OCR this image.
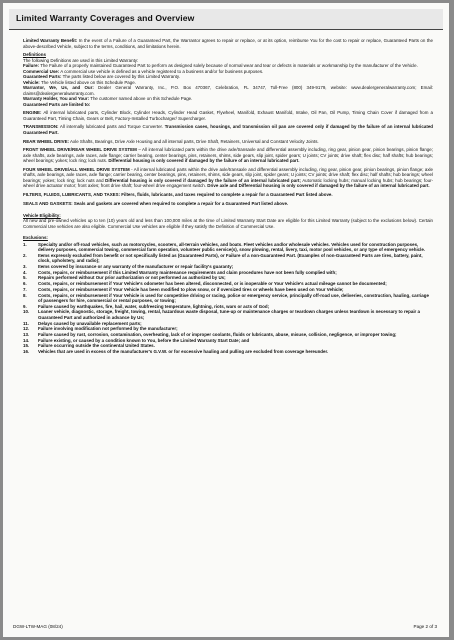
Limited Warranty Coverages and Overview

Limited Warranty Benefit: In the event of a Failure of a Guaranteed Part, the Warrantor agrees to repair or replace, or at its option, reimburse You for the cost to repair or replace, Guaranteed Parts on the above-described Vehicle, subject to the terms, conditions, and limitations herein.

Definitions

The following Definitions are used in this Limited Warranty:

Failure: The Failure of a properly maintained Guaranteed Part to perform as designed solely because of normal wear and tear or defects in materials or workmanship by the manufacturer of the Vehicle.

Commercial Use: A commercial use vehicle is defined as a vehicle registered to a business and/or for business purposes.

Guaranteed Parts: The parts listed below are covered by this Limited Warranty.

Vehicle: The Vehicle listed above on this Schedule Page.

Warrantor, We, Us, and Our: Dealer General Warranty, Inc., P.O. Box 470367, Celebration, FL 34747, Toll-Free (800) 349-9179, website: www.dealergeneralwarranty.com; Email: claims@dealergeneralwarranty.com.

Warranty Holder, You and Your: The customer named above on this Schedule Page.

Guaranteed Parts are limited to:

ENGINE: All internal lubricated parts, Cylinder Block, Cylinder Heads, Cylinder Head Gasket, Flywheel, Manifold, Exhaust Manifold, Intake, Oil Pan, Oil Pump, Timing Chain Cover if damaged from a Guaranteed Part, Timing Chain, Gears or Belt, Factory-Installed Turbocharger/ Supercharger.

TRANSMISSION: All internally lubricated parts and Torque Converter. Transmission cases, housings, and transmission oil pan are covered only if damaged by the failure of an internal lubricated Guaranteed Part.

REAR WHEEL DRIVE: Axle Shafts, Bearings, Drive Axle Housing and all internal parts, Drive Shaft, Retainers, Universal and Constant Velocity Joints.

FRONT WHEEL DRIVE/REAR WHEEL DRIVE SYSTEM – All internal lubricated parts within the drive axle/transaxle and differential assembly including, ring gear, pinion gear, pinion bearings, pinion flange; axle shafts, axle bearings, axle races, axle flange; carrier bearing, center bearings, pins, retainers, shims, side gears, slip joint, spider gears; U joints; CV joints; drive shaft; flex disc; half shafts; hub bearings; wheel bearings; yokes; lock ring; lock nuts. Differential housing is only covered if damaged by the failure of an internal lubricated part.

FOUR WHEEL DRIVE/ALL WHEEL DRIVE SYSTEM - All internal lubricated parts within the drive axle/transaxle and differential assembly including, ring gear, pinion gear, pinion bearings, pinion flange; axle shafts, axle bearings, axle races, axle flange; carrier bearing, center bearings, pins, retainers, shims, side gears, slip joint, spider gears; U joints; CV joints; drive shaft; flex disc; half shafts; hub bearings; wheel bearings; yokes; lock ring; lock nuts and Differential housing is only covered if damaged by the failure of an internal lubricated part; Automatic locking hubs; manual locking hubs; hub bearings; four-wheel drive actuator motor; front axles; front drive shaft; four-wheel drive engagement switch. Drive axle and Differential housing is only covered if damaged by the failure of an internal lubricated part.

FILTERS, FLUIDS, LUBRICANTS, AND TAXES: Filters, fluids, lubricants, and taxes required to complete a repair for a Guaranteed Part listed above.

SEALS AND GASKETS: Seals and gaskets are covered when required to complete a repair for a Guaranteed Part listed above.

Vehicle Eligibility:

All new and pre-owned vehicles up to ten (10) years old and less than 100,000 miles at the time of Limited Warranty Start Date are eligible for this Limited Warranty (subject to the exclusions below). Certain Commercial Use vehicles are also eligible. Commercial Use vehicles are eligible if they satisfy the Definition of Commercial Use.

Exclusions:

1.	Specialty and/or off-road vehicles, such as motorcycles, scooters, all-terrain vehicles, and boats. Fleet vehicles and/or wholesale vehicles. Vehicles used for construction purposes, delivery purposes, commercial towing, commercial farm operation, volunteer public service(s), snow plowing, rental, livery, taxi, motor pool vehicles, or any type of emergency vehicle.
2.	Items expressly excluded from benefit or not specifically listed as (Guaranteed Parts), or Failure of a non-Guaranteed Part. (Examples of non-Guaranteed Parts are tires, battery, paint, clock, upholstery, and radio);
3.	Items covered by insurance or any warranty of the manufacturer or repair facility's guaranty;
4.	Costs, repairs, or reimbursement if this Limited Warranty maintenance requirements and claim procedures have not been fully complied with;
5.	Repairs performed without Our prior authorization or not performed as authorized by Us;
6.	Costs, repairs, or reimbursement if Your Vehicle's odometer has been altered, disconnected, or is inoperable or Your Vehicle's actual mileage cannot be documented;
7.	Costs, repairs, or reimbursement if Your Vehicle has been modified to plow snow, or if oversized tires or wheels have been used on Your Vehicle;
8.	Costs, repairs, or reimbursement if Your Vehicle is used for competitive driving or racing, police or emergency service, principally off-road use, deliveries, construction, hauling, carriage of passengers for hire, commercial or rental purposes, or towing;
9.	Failure caused by earthquakes, fire, hail, water, subfreezing temperature, lightning, riots, wars or acts of God;
10.	Loaner vehicle, diagnostic, storage, freight, towing, rental, hazardous waste disposal, tune-up or maintenance charges or teardown charges unless teardown is necessary to repair a Guaranteed Part and authorized in advance by Us;
11.	Delays caused by unavailable replacement parts;
12.	Failure involving modification not performed by the manufacturer;
13.	Failure caused by rust, corrosion, contamination, overheating, lack of or improper coolants, fluids or lubricants, abuse, misuse, collision, negligence, or improper towing;
14.	Failure existing, or caused by a condition known to You, before the Limited Warranty Start Date; and
15.	Failure occurring outside the continental United States.
16.	Vehicles that are used in excess of the manufacturer's G.V.W. or for excessive hauling and pulling are excluded from coverage hereunder.
DGW-LTW-MAG (08/24)	Page 2 of 3
